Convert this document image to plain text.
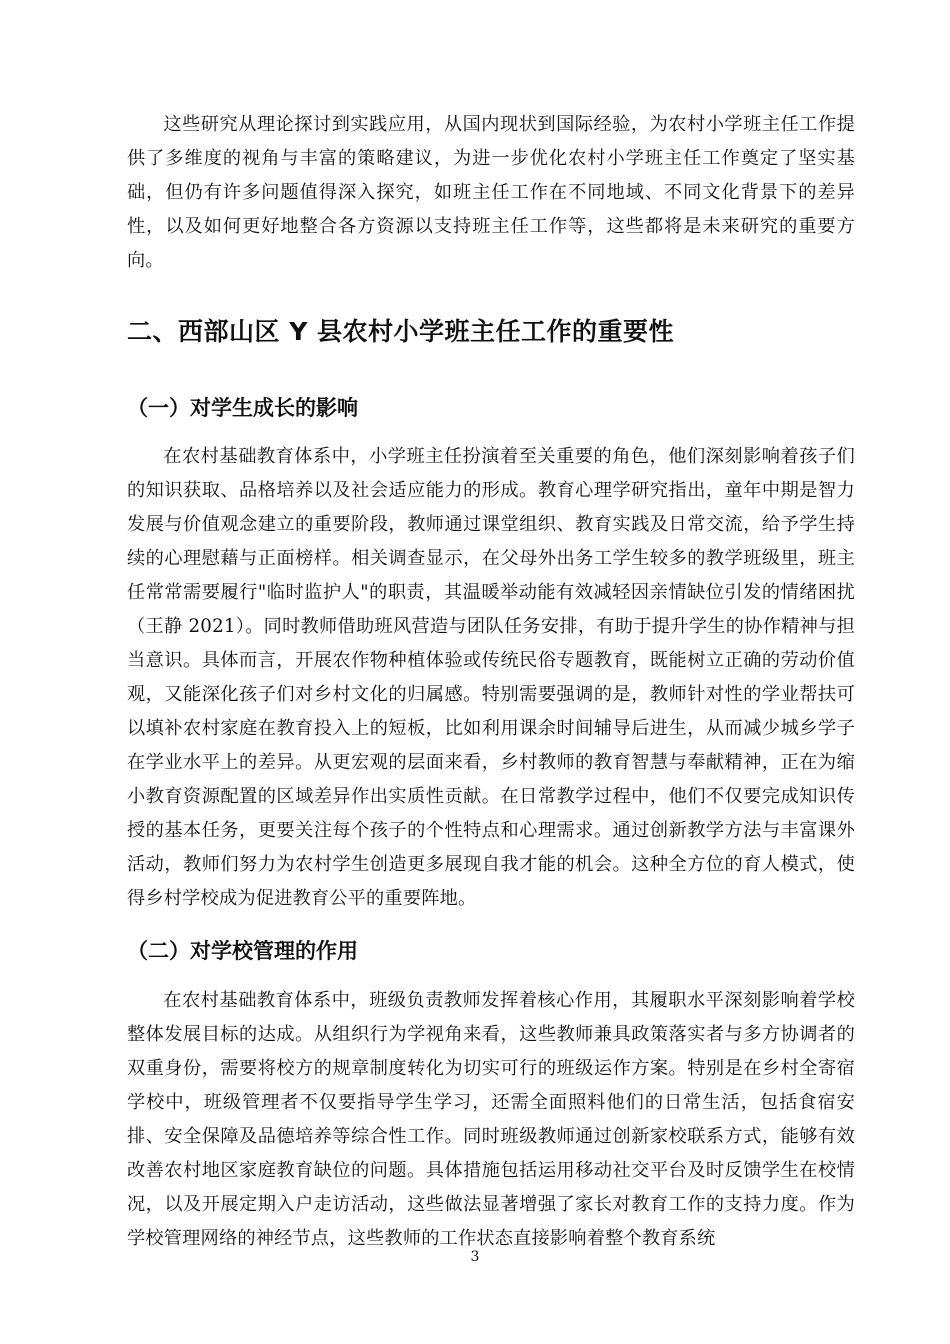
这些研究从理论探讨到实践应用，从国内现状到国际经验，为农村小学班主任工作提供了多维度的视角与丰富的策略建议，为进一步优化农村小学班主任工作奠定了坚实基础，但仍有许多问题值得深入探究，如班主任工作在不同地域、不同文化背景下的差异性，以及如何更好地整合各方资源以支持班主任工作等，这些都将是未来研究的重要方向。

二、西部山区 Y 县农村小学班主任工作的重要性
（一）对学生成长的影响

在农村基础教育体系中，小学班主任扮演着至关重要的角色，他们深刻影响着孩子们的知识获取、品格培养以及社会适应能力的形成。教育心理学研究指出，童年中期是智力发展与价值观念建立的重要阶段，教师通过课堂组织、教育实践及日常交流，给予学生持续的心理慰藉与正面榜样。相关调查显示，在父母外出务工学生较多的教学班级里，班主任常常需要履行"临时监护人"的职责，其温暖举动能有效减轻因亲情缺位引发的情绪困扰（王静 2021）。同时教师借助班风营造与团队任务安排，有助于提升学生的协作精神与担当意识。具体而言，开展农作物种植体验或传统民俗专题教育，既能树立正确的劳动价值观，又能深化孩子们对乡村文化的归属感。特别需要强调的是，教师针对性的学业帮扶可以填补农村家庭在教育投入上的短板，比如利用课余时间辅导后进生，从而减少城乡学子在学业水平上的差异。从更宏观的层面来看，乡村教师的教育智慧与奉献精神，正在为缩小教育资源配置的区域差异作出实质性贡献。在日常教学过程中，他们不仅要完成知识传授的基本任务，更要关注每个孩子的个性特点和心理需求。通过创新教学方法与丰富课外活动，教师们努力为农村学生创造更多展现自我才能的机会。这种全方位的育人模式，使得乡村学校成为促进教育公平的重要阵地。

（二）对学校管理的作用

在农村基础教育体系中，班级负责教师发挥着核心作用，其履职水平深刻影响着学校整体发展目标的达成。从组织行为学视角来看，这些教师兼具政策落实者与多方协调者的双重身份，需要将校方的规章制度转化为切实可行的班级运作方案。特别是在乡村全寄宿学校中，班级管理者不仅要指导学生学习，还需全面照料他们的日常生活，包括食宿安排、安全保障及品德培养等综合性工作。同时班级教师通过创新家校联系方式，能够有效改善农村地区家庭教育缺位的问题。具体措施包括运用移动社交平台及时反馈学生在校情况，以及开展定期入户走访活动，这些做法显著增强了家长对教育工作的支持力度。作为学校管理网络的神经节点，这些教师的工作状态直接影响着整个教育系统

3
